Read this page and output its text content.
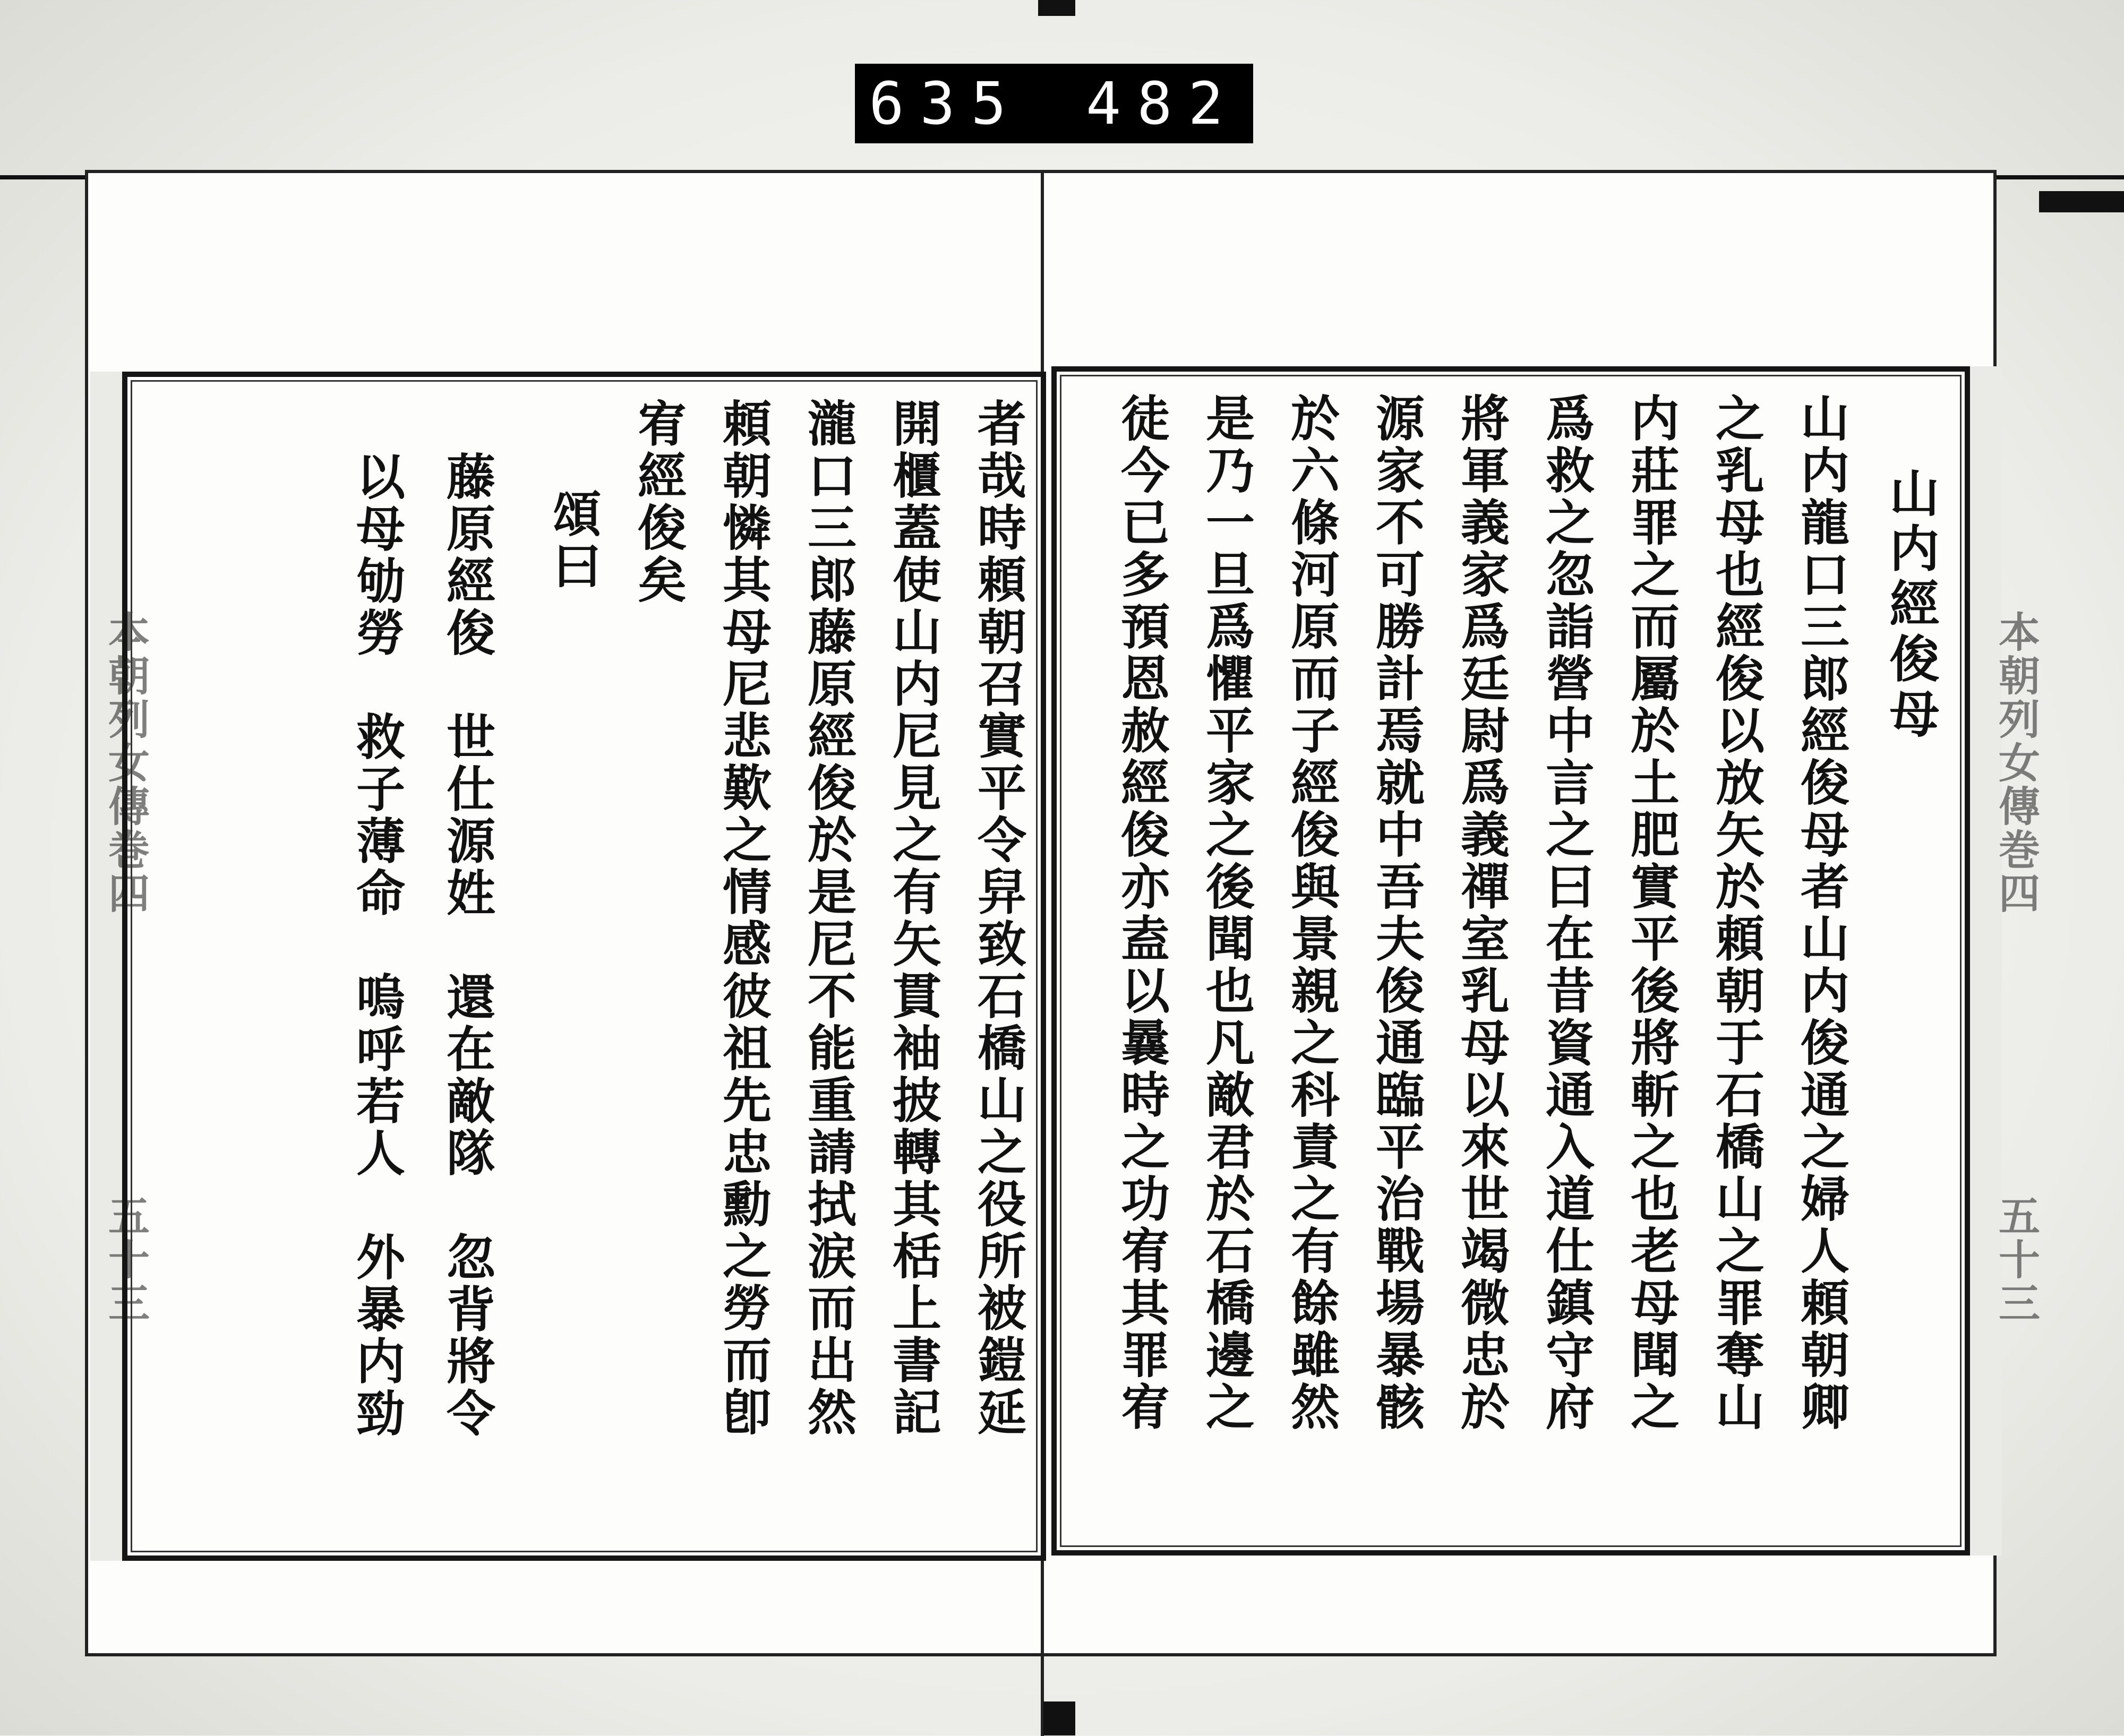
635 482
本朝列女傳巻四
五十三
本朝列女傳巻四
五十三
山内經俊母
山内龍口三郎經俊母者山内俊通之婦人頼朝卿
之乳母也經俊以放矢於頼朝于石橋山之罪奪山
内莊罪之而屬於土肥實平後將斬之也老母聞之
爲救之忽詣營中言之曰在昔資通入道仕鎮守府
將軍義家爲廷尉爲義禪室乳母以來世竭微忠於
源家不可勝計焉就中吾夫俊通臨平治戰場暴骸
於六條河原而子經俊與景親之科責之有餘雖然
是乃一旦爲懼平家之後聞也凡敵君於石橋邊之
徒今已多預恩赦經俊亦盍以曩時之功宥其罪宥
者哉時頼朝召實平令舁致石橋山之役所被鎧延
開櫃蓋使山内尼見之有矢貫袖披轉其栝上書記
瀧口三郎藤原經俊於是尼不能重請拭涙而出然
頼朝憐其母尼悲歎之情感彼祖先忠勳之勞而卽
宥經俊矣
頌曰
藤原經俊　世仕源姓　還在敵隊　忽背將令
以母劬勞　救子薄命　嗚呼若人　外暴内勁
